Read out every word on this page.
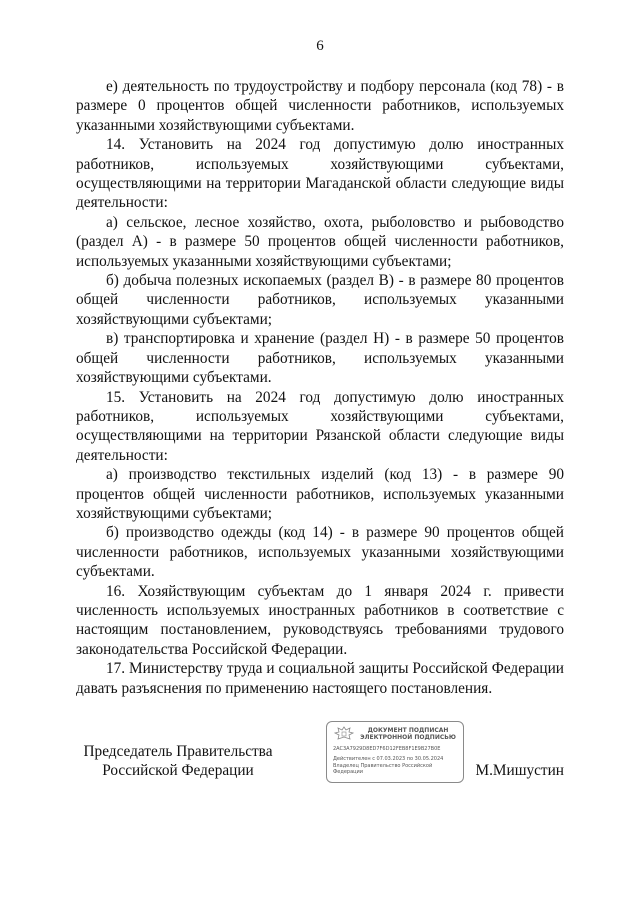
6

е) деятельность по трудоустройству и подбору персонала (код 78) - в размере 0 процентов общей численности работников, используемых указанными хозяйствующими субъектами.

14. Установить на 2024 год допустимую долю иностранных работников, используемых хозяйствующими субъектами, осуществляющими на территории Магаданской области следующие виды деятельности:

а) сельское, лесное хозяйство, охота, рыболовство и рыбоводство (раздел А) - в размере 50 процентов общей численности работников, используемых указанными хозяйствующими субъектами;

б) добыча полезных ископаемых (раздел В) - в размере 80 процентов общей численности работников, используемых указанными хозяйствующими субъектами;

в) транспортировка и хранение (раздел Н) - в размере 50 процентов общей численности работников, используемых указанными хозяйствующими субъектами.

15. Установить на 2024 год допустимую долю иностранных работников, используемых хозяйствующими субъектами, осуществляющими на территории Рязанской области следующие виды деятельности:

а) производство текстильных изделий (код 13) - в размере 90 процентов общей численности работников, используемых указанными хозяйствующими субъектами;

б) производство одежды (код 14) - в размере 90 процентов общей численности работников, используемых указанными хозяйствующими субъектами.

16. Хозяйствующим субъектам до 1 января 2024 г. привести численность используемых иностранных работников в соответствие с настоящим постановлением, руководствуясь требованиями трудового законодательства Российской Федерации.

17. Министерству труда и социальной защиты Российской Федерации давать разъяснения по применению настоящего постановления.

Председатель Правительства
Российской Федерации	М.Мишустин
ДОКУМЕНТ ПОДПИСАН
ЭЛЕКТРОННОЙ ПОДПИСЬЮ
2AC3A7929D8ED7F6D12FEB8F1E9B27B0E
Действителен с 07.03.2023 по 30.05.2024
Владелец Правительство Российской
Федерации
